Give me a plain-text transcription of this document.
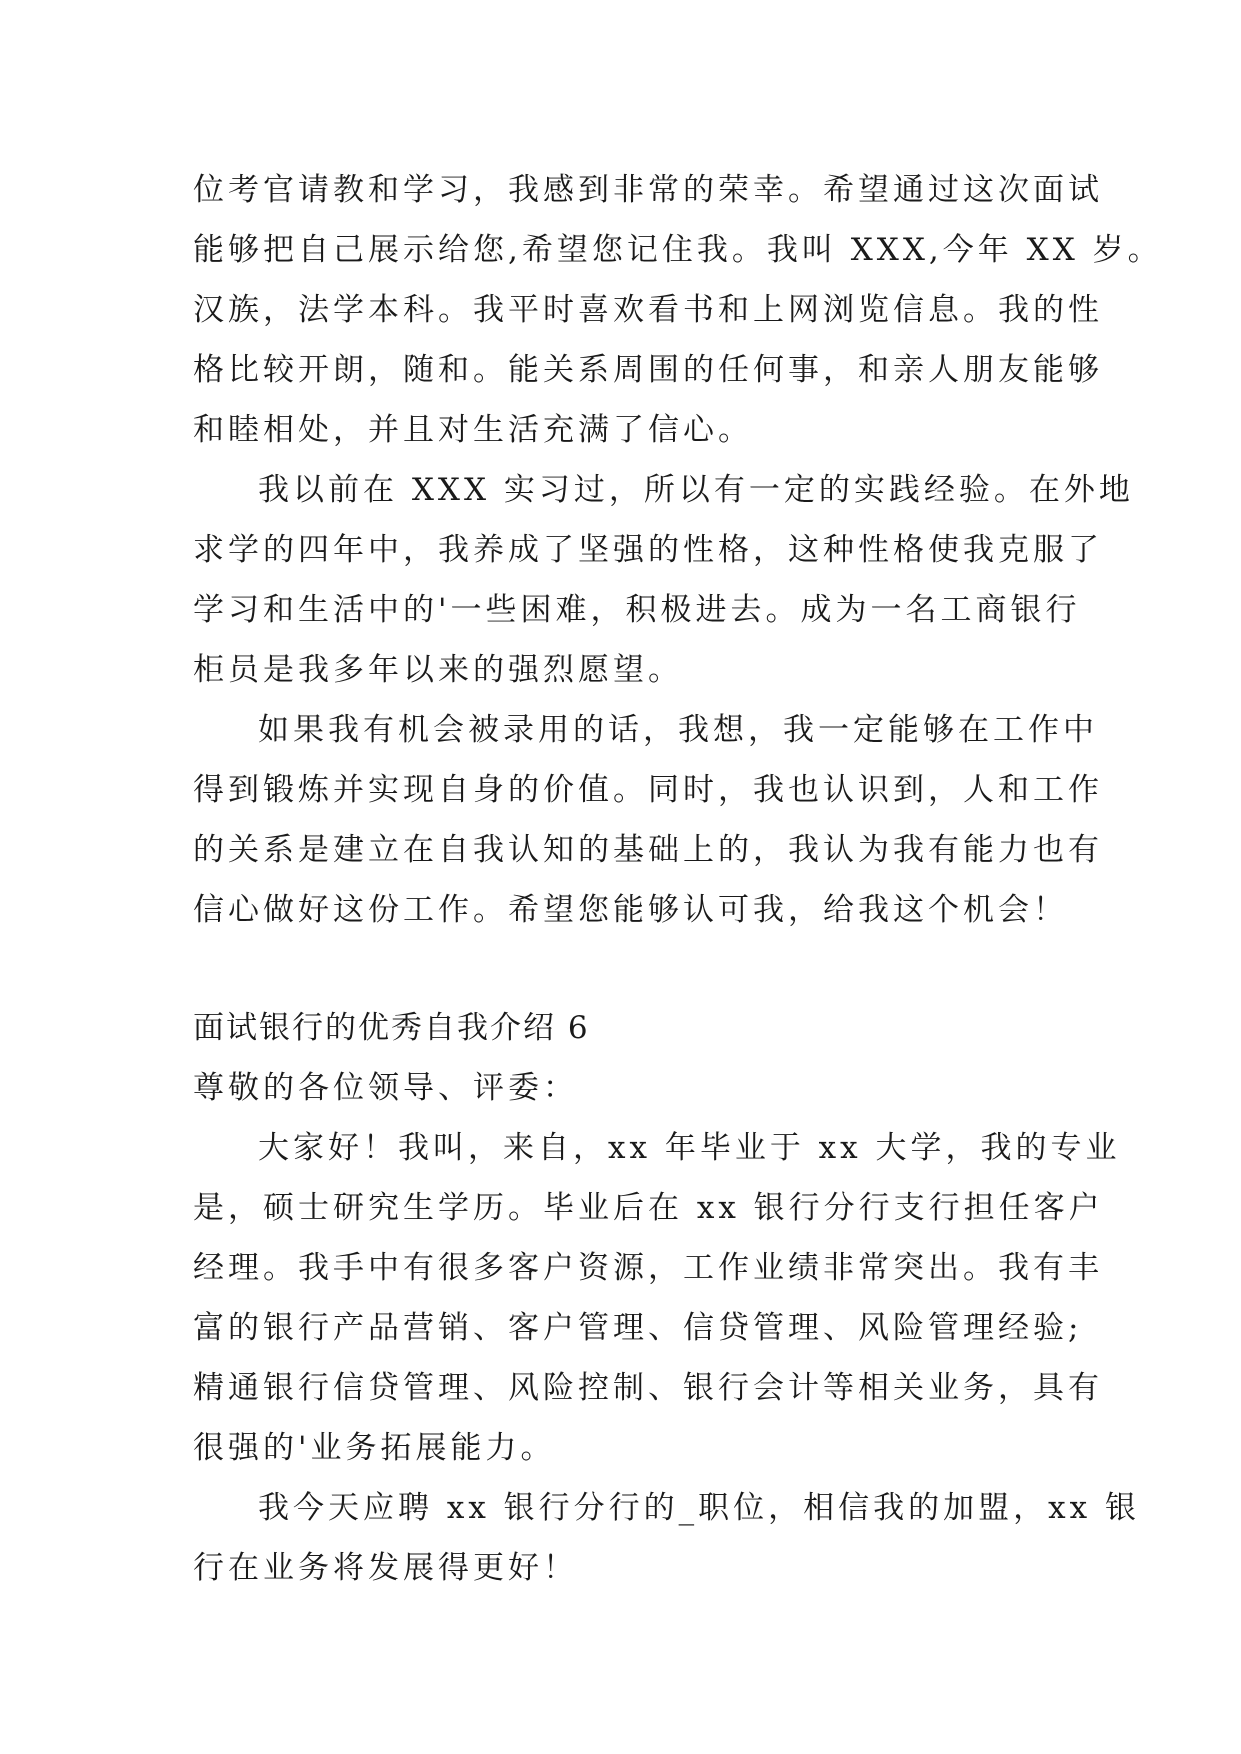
位考官请教和学习，我感到非常的荣幸。希望通过这次面试
能够把自己展示给您,希望您记住我。我叫 XXX,今年 XX 岁。
汉族，法学本科。我平时喜欢看书和上网浏览信息。我的性
格比较开朗，随和。能关系周围的任何事，和亲人朋友能够
和睦相处，并且对生活充满了信心。
我以前在 XXX 实习过，所以有一定的实践经验。在外地
求学的四年中，我养成了坚强的性格，这种性格使我克服了
学习和生活中的'一些困难，积极进去。成为一名工商银行
柜员是我多年以来的强烈愿望。
如果我有机会被录用的话，我想，我一定能够在工作中
得到锻炼并实现自身的价值。同时，我也认识到，人和工作
的关系是建立在自我认知的基础上的，我认为我有能力也有
信心做好这份工作。希望您能够认可我，给我这个机会！
面试银行的优秀自我介绍 6
尊敬的各位领导、评委：
大家好！我叫，来自，xx 年毕业于 xx 大学，我的专业
是，硕士研究生学历。毕业后在 xx 银行分行支行担任客户
经理。我手中有很多客户资源，工作业绩非常突出。我有丰
富的银行产品营销、客户管理、信贷管理、风险管理经验;
精通银行信贷管理、风险控制、银行会计等相关业务，具有
很强的'业务拓展能力。
我今天应聘 xx 银行分行的_职位，相信我的加盟，xx 银
行在业务将发展得更好！
